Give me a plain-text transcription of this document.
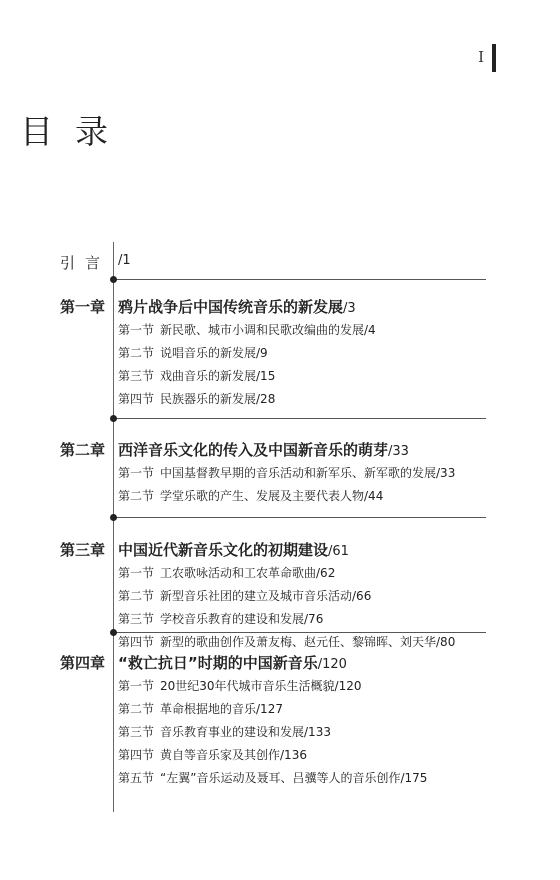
I
目录
引言 /1
第一章 鸦片战争后中国传统音乐的新发展/3
第一节 新民歌、城市小调和民歌改编曲的发展/4
第二节 说唱音乐的新发展/9
第三节 戏曲音乐的新发展/15
第四节 民族器乐的新发展/28
第二章 西洋音乐文化的传入及中国新音乐的萌芽/33
第一节 中国基督教早期的音乐活动和新军乐、新军歌的发展/33
第二节 学堂乐歌的产生、发展及主要代表人物/44
第三章 中国近代新音乐文化的初期建设/61
第一节 工农歌咏活动和工农革命歌曲/62
第二节 新型音乐社团的建立及城市音乐活动/66
第三节 学校音乐教育的建设和发展/76
第四节 新型的歌曲创作及萧友梅、赵元任、黎锦晖、刘天华/80
第四章 “救亡抗日”时期的中国新音乐/120
第一节 20世纪30年代城市音乐生活概貌/120
第二节 革命根据地的音乐/127
第三节 音乐教育事业的建设和发展/133
第四节 黄自等音乐家及其创作/136
第五节 “左翼”音乐运动及聂耳、吕骥等人的音乐创作/175
